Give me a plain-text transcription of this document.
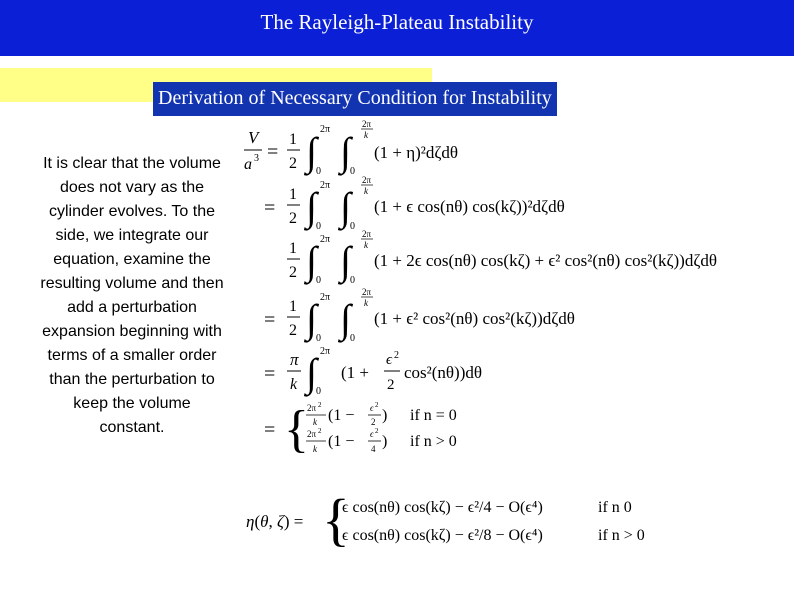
The Rayleigh-Plateau Instability
Derivation of Necessary Condition for Instability
It is clear that the volume does not vary as the cylinder evolves. To the side, we integrate our equation, examine the resulting volume and then add a perturbation expansion beginning with terms of a smaller order than the perturbation to keep the volume constant.
V
a 3 =
1
2 ∫ 2π
0 ∫
2π
k
0
(1 + η)²dζdθ
=
1
2 ∫ 2π
0 ∫
2π
k
0
(1 + ϵ cos(nθ) cos(kζ))²dζdθ
1
2 ∫ 2π
0 ∫
2π
k
0
(1 + 2ϵ cos(nθ) cos(kζ) + ϵ² cos²(nθ) cos²(kζ))dζdθ
=
1
2 ∫ 2π
0 ∫
2π
k
0
(1 + ϵ² cos²(nθ) cos²(kζ))dζdθ
=
π
k ∫ 2π
0
(1 +
ϵ 2
2
cos²(nθ))dθ
= {
2π 2
k (1 − ϵ 2
2 ) if n = 0
2π 2
k (1 − ϵ 2
4 ) if n > 0
η(θ, ζ) = {
ϵ cos(nθ) cos(kζ) − ϵ²/4 − O(ϵ⁴)	if n 0
ϵ cos(nθ) cos(kζ) − ϵ²/8 − O(ϵ⁴)	if n > 0
